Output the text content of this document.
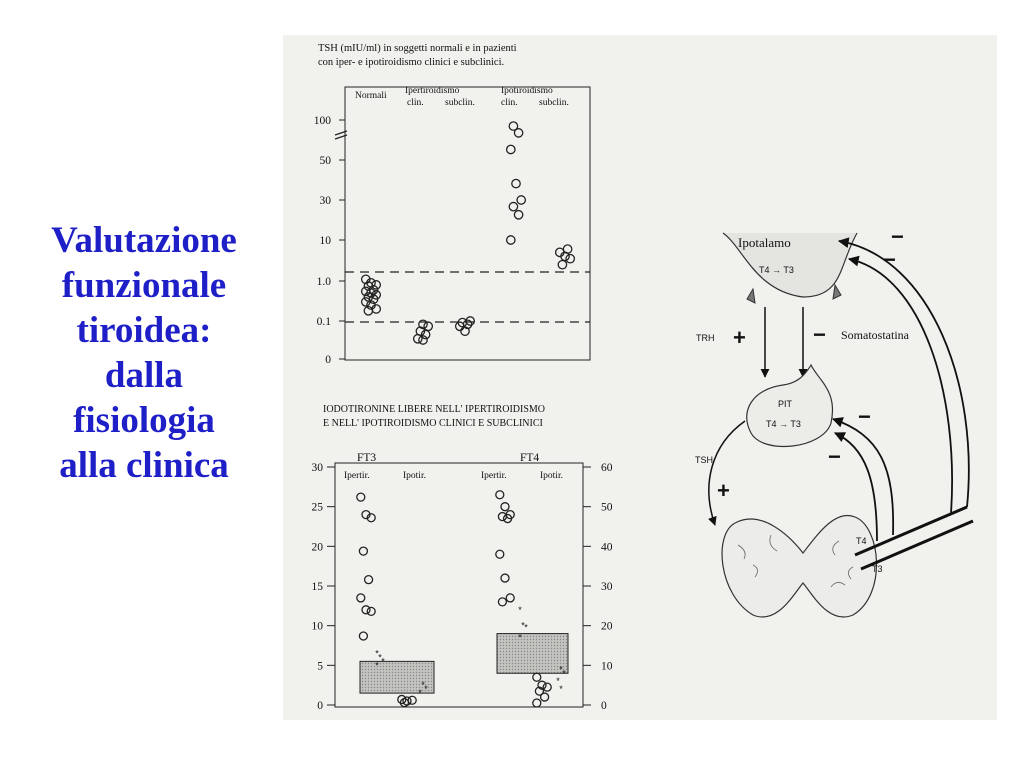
Valutazione
funzionale
tiroidea:
dalla
fisiologia
alla clinica
TSH (mIU/ml) in soggetti normali e in pazienti
con iper- e ipotiroidismo clinici e subclinici.
100
50
30
10
1.0
0.1
0
Normali Ipertiroidismo
clin. subclin.
Ipotiroidismo
clin. subclin.
IODOTIRONINE LIBERE NELL' IPERTIROIDISMO
E NELL' IPOTIROIDISMO CLINICI E SUBCLINICI
30
25
20
15
10
5
0
60
50
40
30
20
10
0
FT3	FT4
Ipertir.	Ipotir.	Ipertir.	Ipotir.
* * *
*
* *
*
*
* *
*
* *
*
*
Ipotalamo
T4 → T3
TRH +	− Somatostatina
PIT
T4 → T3
TSH
+
T4
T3
−
−
−
−
